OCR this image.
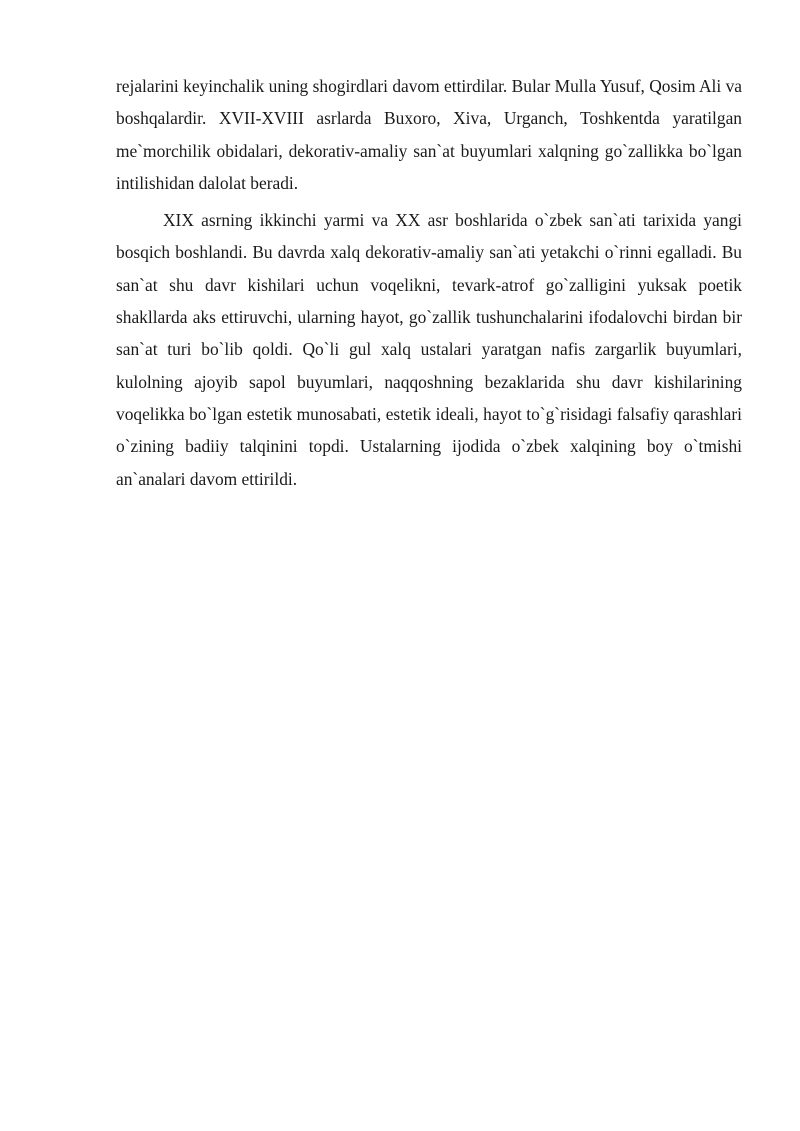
rejalarini keyinchalik uning shogirdlari davom ettirdilar. Bular Mulla Yusuf, Qosim Ali va boshqalardir. XVII-XVIII asrlarda Buxoro, Xiva, Urganch, Toshkentda yaratilgan me`morchilik obidalari, dekorativ-amaliy san`at buyumlari xalqning go`zallikka bo`lgan intilishidan dalolat beradi.

XIX asrning ikkinchi yarmi va XX asr boshlarida o`zbek san`ati tarixida yangi bosqich boshlandi. Bu davrda xalq dekorativ-amaliy san`ati yetakchi o`rinni egalladi. Bu san`at shu davr kishilari uchun voqelikni, tevark-atrof go`zalligini yuksak poetik shakllarda aks ettiruvchi, ularning hayot, go`zallik tushunchalarini ifodalovchi birdan bir san`at turi bo`lib qoldi. Qo`li gul xalq ustalari yaratgan nafis zargarlik buyumlari, kulolning ajoyib sapol buyumlari, naqqoshning bezaklarida shu davr kishilarining voqelikka bo`lgan estetik munosabati, estetik ideali, hayot to`g`risidagi falsafiy qarashlari o`zining badiiy talqinini topdi. Ustalarning ijodida o`zbek xalqining boy o`tmishi an`analari davom ettirildi.
